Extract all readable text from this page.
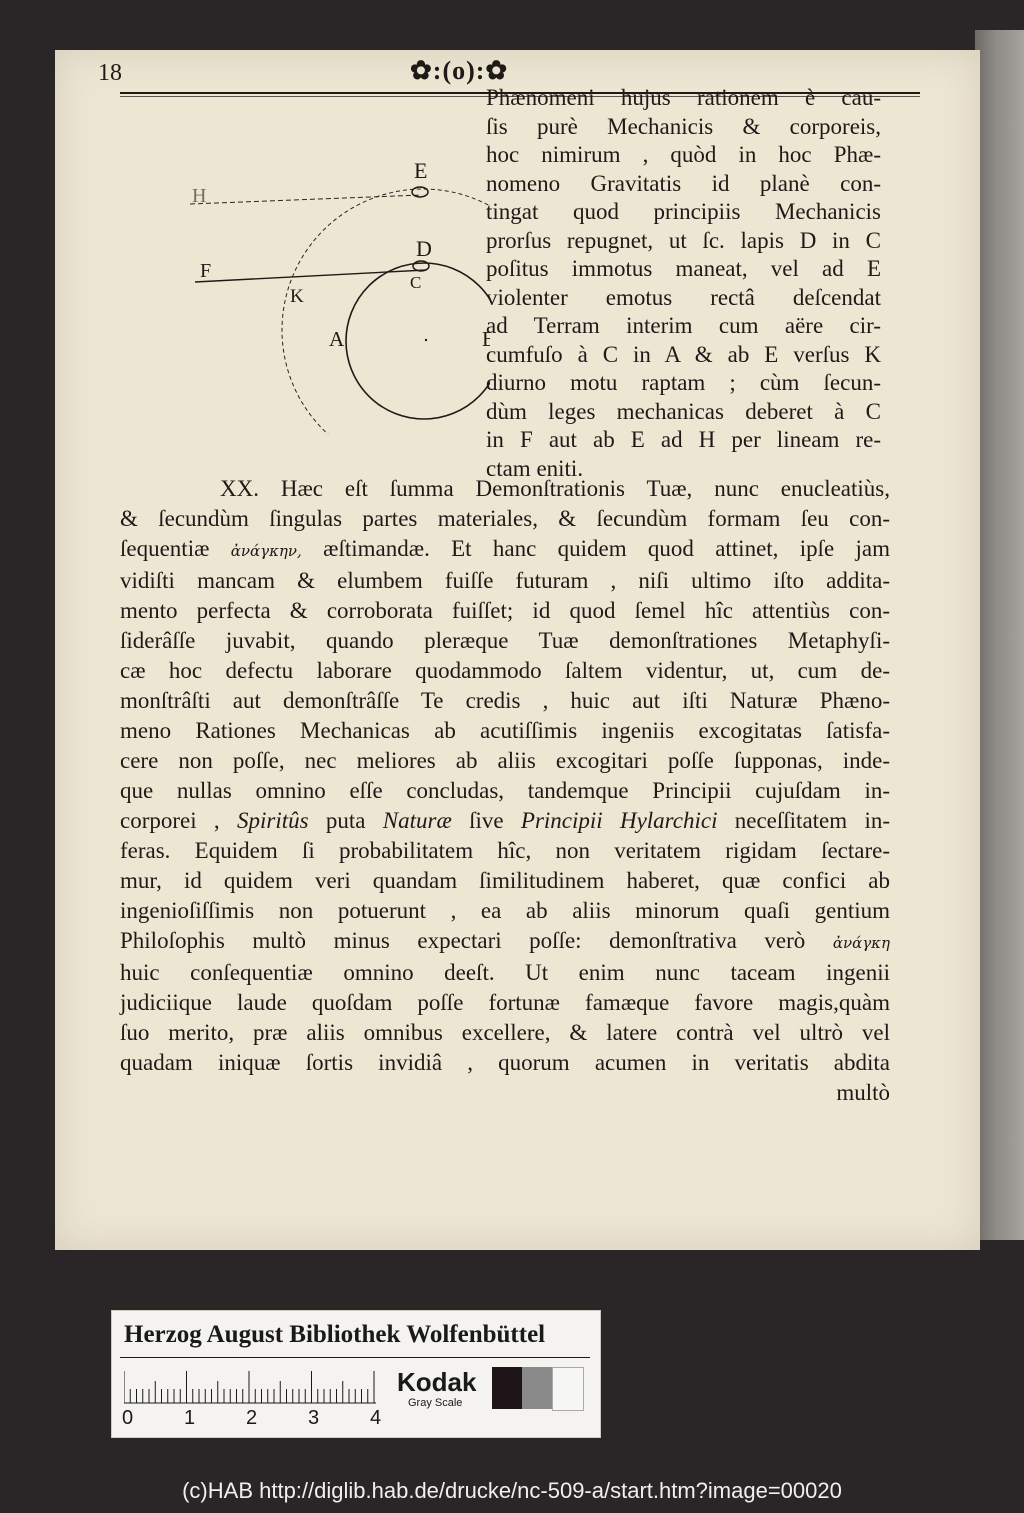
18	✿:(o):✿
E
H
D
F
K
C
A	B
Phænomeni hujus rationem è cau-
ſis purè Mechanicis & corporeis,
hoc nimirum , quòd in hoc Phæ-
nomeno Gravitatis id planè con-
tingat quod principiis Mechanicis
prorſus repugnet, ut ſc. lapis D in C
poſitus immotus maneat, vel ad E
violenter emotus rectâ deſcendat
ad Terram interim cum aëre cir-
cumfuſo à C in A & ab E verſus K
diurno motu raptam ; cùm ſecun-
dùm leges mechanicas deberet à C
in F aut ab E ad H per lineam re-
ctam eniti.
XX. Hæc eſt ſumma Demonſtrationis Tuæ, nunc enucleatiùs,
& ſecundùm ſingulas partes materiales, & ſecundùm formam ſeu con-
ſequentiæ ἀνάγκην, æſtimandæ. Et hanc quidem quod attinet, ipſe jam
vidiſti mancam & elumbem fuiſſe futuram , niſi ultimo iſto addita-
mento perfecta & corroborata fuiſſet; id quod ſemel hîc attentiùs con-
ſiderâſſe juvabit, quando pleræque Tuæ demonſtrationes Metaphyſi-
cæ hoc defectu laborare quodammodo ſaltem videntur, ut, cum de-
monſtrâſti aut demonſtrâſſe Te credis , huic aut iſti Naturæ Phæno-
meno Rationes Mechanicas ab acutiſſimis ingeniis excogitatas ſatisfa-
cere non poſſe, nec meliores ab aliis excogitari poſſe ſupponas, inde-
que nullas omnino eſſe concludas, tandemque Principii cujuſdam in-
corporei , Spiritûs puta Naturæ ſive Principii Hylarchici neceſſitatem in-
feras. Equidem ſi probabilitatem hîc, non veritatem rigidam ſectare-
mur, id quidem veri quandam ſimilitudinem haberet, quæ confici ab
ingenioſiſſimis non potuerunt , ea ab aliis minorum quaſi gentium
Philoſophis multò minus expectari poſſe: demonſtrativa verò ἀνάγκη
huic conſequentiæ omnino deeſt. Ut enim nunc taceam ingenii
judiciique laude quoſdam poſſe fortunæ famæque favore magis,quàm
ſuo merito, præ aliis omnibus excellere, & latere contrà vel ultrò vel
quadam iniquæ ſortis invidiâ , quorum acumen in veritatis abdita
multò
Herzog August Bibliothek Wolfenbüttel
0	1	2	3	4
Kodak
Gray Scale
(c)HAB http://diglib.hab.de/drucke/nc-509-a/start.htm?image=00020
